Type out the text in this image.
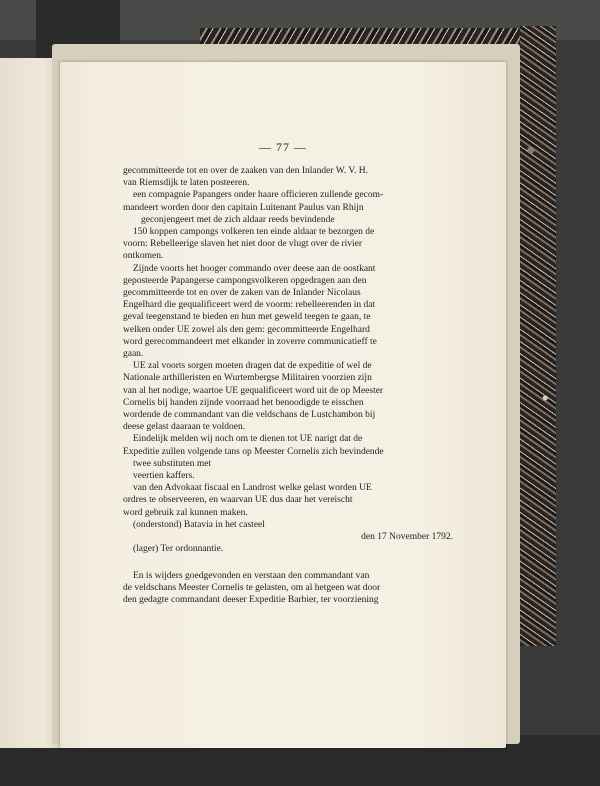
— 77 —
gecommitteerde tot en over de zaaken van den Inlander W. V. H.
van Riemsdijk te laten posteeren.
een compagnie Papangers onder haare officieren zullende gecom-
mandeert worden door den capitain Luitenant Paulus van Rhijn
geconjengeert met de zich aldaar reeds bevindende
150 koppen campongs volkeren ten einde aldaar te bezorgen de
voorn: Rebelleerige slaven het niet door de vlugt over de rivier
ontkomen.
Zijnde voorts het hooger commando over deese aan de oostkant
geposteerde Papangerse campongsvolkeren opgedragen aan den
gecommitteerde tot en over de zaken van de Inlander Nicolaus
Engelhard die gequalificeert werd de voorm: rebelleerenden in dat
geval teegenstand te bieden en hun met geweld teegen te gaan, te
welken onder UE zowel als den gem: gecommitteerde Engelhard
word gerecommandeert met elkander in zoverre communicatieff te
gaan.
UE zal voorts sorgen moeten dragen dat de expeditie of wel de
Nationale arthilleristen en Wurtembergse Militairen voorzien zijn
van al het nodige, waartoe UE gequalificeert word uit de op Meester
Cornelis bij handen zijnde voorraad het benoodigde te eisschen
wordende de commandant van die veldschans de Lustchambon bij
deese gelast daaraan te voldoen.
Eindelijk melden wij noch om te dienen tot UE narigt dat de
Expeditie zullen volgende tans op Meester Cornelis zich bevindende
twee substituten met
veertien kaffers.
van den Advokaat fiscaal en Landrost welke gelast worden UE
ordres te observeeren, en waarvan UE dus daar het vereischt
word gebruik zal kunnen maken.
(onderstond) Batavia in het casteel
den 17 November 1792.
(lager) Ter ordonnantie.
En is wijders goedgevonden en verstaan den commandant van
de veldschans Meester Cornelis te gelasten, om al hetgeen wat door
den gedagte commandant deeser Expeditie Barbier, ter voorziening
